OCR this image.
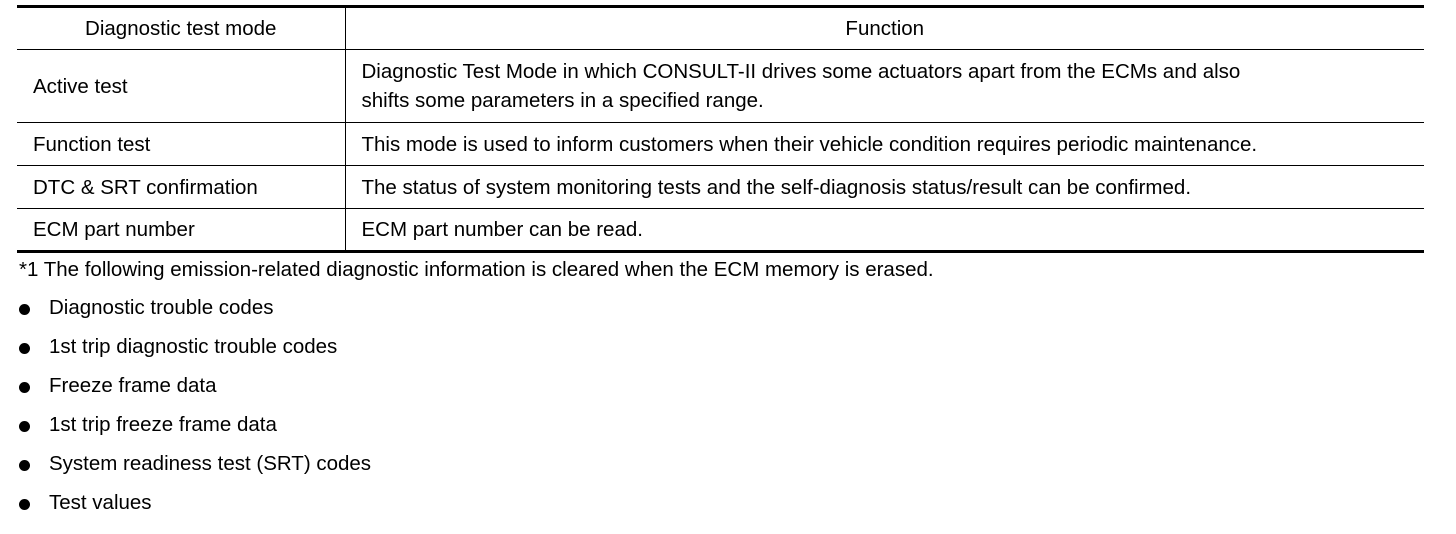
Diagnostic test mode	Function
Active test	Diagnostic Test Mode in which CONSULT-II drives some actuators apart from the ECMs and also
shifts some parameters in a specified range.
Function test	This mode is used to inform customers when their vehicle condition requires periodic maintenance.
DTC & SRT confirmation	The status of system monitoring tests and the self-diagnosis status/result can be confirmed.
ECM part number	ECM part number can be read.
*1 The following emission-related diagnostic information is cleared when the ECM memory is erased.
Diagnostic trouble codes
1st trip diagnostic trouble codes
Freeze frame data
1st trip freeze frame data
System readiness test (SRT) codes
Test values
